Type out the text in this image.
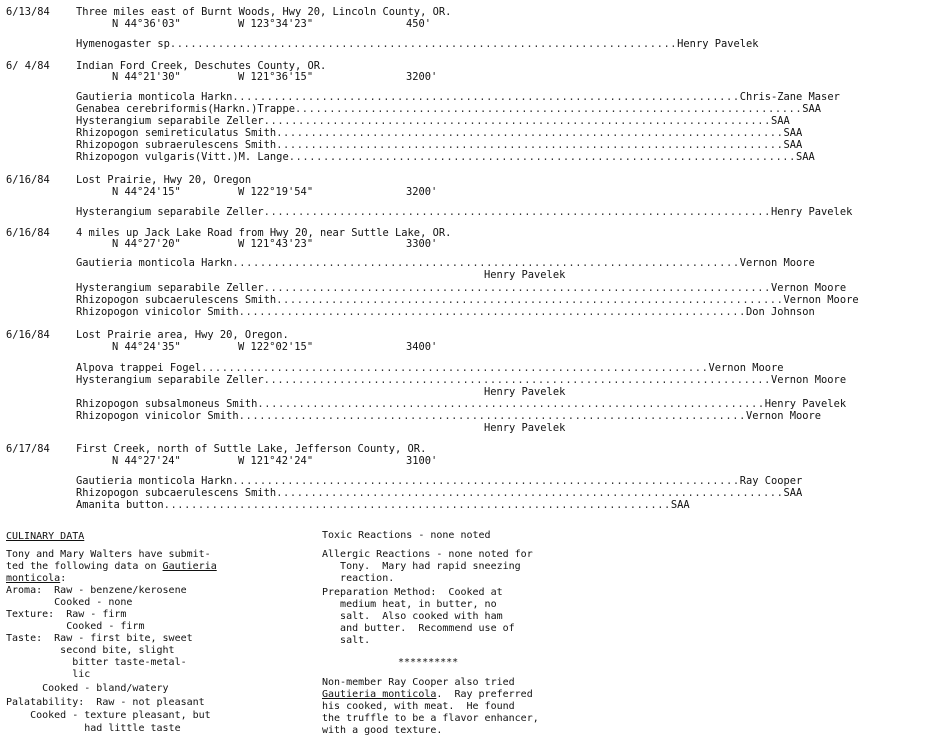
6/13/84	Three miles east of Burnt Woods, Hwy 20, Lincoln County, OR.
N 44°36'03"	W 123°34'23"	450'
Hymenogaster sp .......................................................................... Henry Pavelek
6/ 4/84	Indian Ford Creek, Deschutes County, OR.
N 44°21'30"	W 121°36'15"	3200'
Gautieria monticola Harkn .......................................................................... Chris-Zane Maser
Genabea cerebriformis(Harkn.)Trappe .......................................................................... SAA
Hysterangium separabile Zeller .......................................................................... SAA
Rhizopogon semireticulatus Smith .......................................................................... SAA
Rhizopogon subraerulescens Smith .......................................................................... SAA
Rhizopogon vulgaris(Vitt.)M. Lange .......................................................................... SAA
6/16/84	Lost Prairie, Hwy 20, Oregon
N 44°24'15"	W 122°19'54"	3200'
Hysterangium separabile Zeller .......................................................................... Henry Pavelek
6/16/84	4 miles up Jack Lake Road from Hwy 20, near Suttle Lake, OR.
N 44°27'20"	W 121°43'23"	3300'
Gautieria monticola Harkn .......................................................................... Vernon Moore
Henry Pavelek
Hysterangium separabile Zeller .......................................................................... Vernon Moore
Rhizopogon subcaerulescens Smith .......................................................................... Vernon Moore
Rhizopogon vinicolor Smith .......................................................................... Don Johnson
6/16/84	Lost Prairie area, Hwy 20, Oregon.
N 44°24'35"	W 122°02'15"	3400'
Alpova trappei Fogel .......................................................................... Vernon Moore
Hysterangium separabile Zeller .......................................................................... Vernon Moore
Henry Pavelek
Rhizopogon subsalmoneus Smith .......................................................................... Henry Pavelek
Rhizopogon vinicolor Smith .......................................................................... Vernon Moore
Henry Pavelek
6/17/84	First Creek, north of Suttle Lake, Jefferson County, OR.
N 44°27'24"	W 121°42'24"	3100'
Gautieria monticola Harkn .......................................................................... Ray Cooper
Rhizopogon subcaerulescens Smith .......................................................................... SAA
Amanita button .......................................................................... SAA
CULINARY DATA
Tony and Mary Walters have submit-
ted the following data on Gautieria
monticola:
Aroma:  Raw - benzene/kerosene
Cooked - none
Texture:  Raw - firm
Cooked - firm
Taste:  Raw - first bite, sweet
second bite, slight
bitter taste-metal-
lic
Cooked - bland/watery
Palatability:  Raw - not pleasant
Cooked - texture pleasant, but
had little taste
Toxic Reactions - none noted
Allergic Reactions - none noted for
Tony.  Mary had rapid sneezing
reaction.
Preparation Method:  Cooked at
medium heat, in butter, no
salt.  Also cooked with ham
and butter.  Recommend use of
salt.
**********
Non-member Ray Cooper also tried
Gautieria monticola.  Ray preferred
his cooked, with meat.  He found
the truffle to be a flavor enhancer,
with a good texture.
